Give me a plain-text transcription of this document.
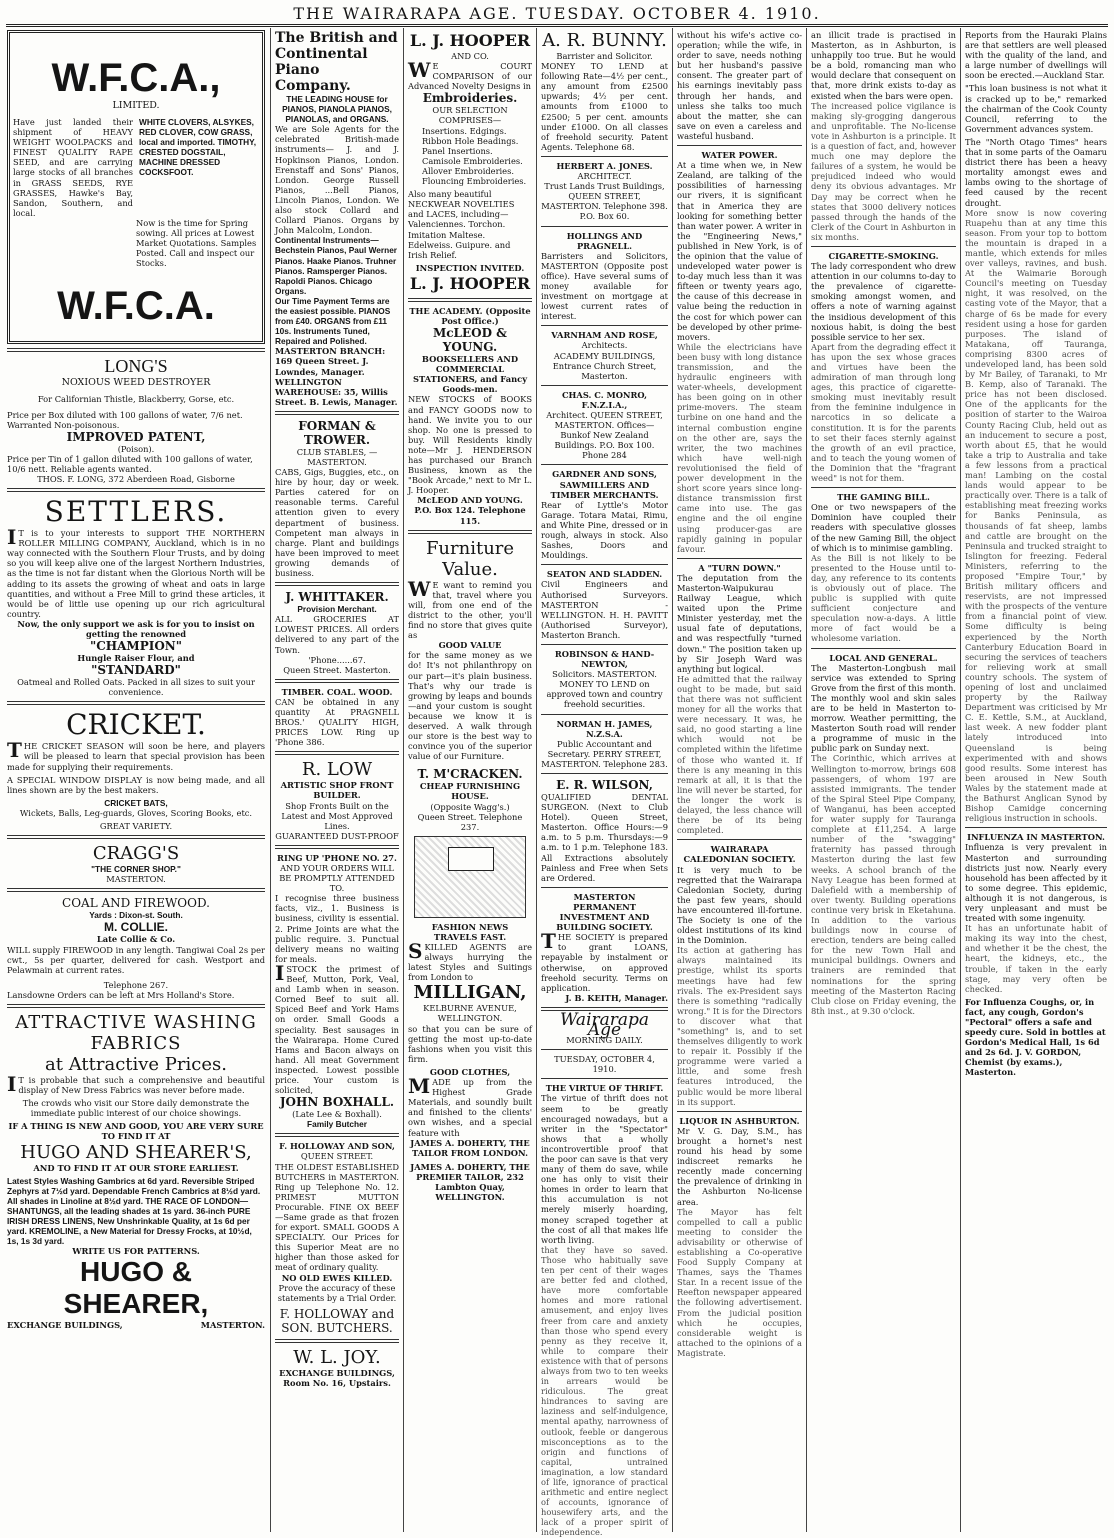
THE WAIRARAPA AGE. TUESDAY. OCTOBER 4. 1910.
W.F.C.A.,
LIMITED.
Have just landed their shipment of HEAVY WEIGHT WOOLPACKS and FINEST QUALITY RAPE SEED, and are carrying large stocks of all branches in GRASS SEEDS, RYE GRASSES, Hawke's Bay, Sandon, Southern, and local.
WHITE CLOVERS, ALSYKES, RED CLOVER, COW GRASS, local and imported. TIMOTHY, CRESTED DOGSTAIL, MACHINE DRESSED COCKSFOOT.
Now is the time for Spring sowing. All prices at Lowest Market Quotations. Samples Posted. Call and inspect our Stocks.
W.F.C.A.
LONG'S
NOXIOUS WEED DESTROYER
For Californian Thistle, Blackberry, Gorse, etc.
Price per Box diluted with 100 gallons of water, 7/6 net. Warranted Non-poisonous.
IMPROVED PATENT,
(Poison).
Price per Tin of 1 gallon diluted with 100 gallons of water, 10/6 nett. Reliable agents wanted.
THOS. F. LONG, 372 Aberdeen Road, Gisborne
SETTLERS.
IT is to your interests to support THE NORTHERN ROLLER MILLING COMPANY, Auckland, which is in no way connected with the Southern Flour Trusts, and by doing so you will keep alive one of the largest Northern Industries, as the time is not far distant when the Glorious North will be adding to its assets the growing of wheat and oats in large quantities, and without a Free Mill to grind these articles, it would be of little use opening up our rich agricultural country.
Now, the only support we ask is for you to insist on getting the renowned
"CHAMPION"
Hungle Raiser Flour, and
"STANDARD"
Oatmeal and Rolled Oats. Packed in all sizes to suit your convenience.
CRICKET.
THE CRICKET SEASON will soon be here, and players will be pleased to learn that special provision has been made for supplying their requirements.
A SPECIAL WINDOW DISPLAY is now being made, and all lines shown are by the best makers.
CRICKET BATS,
Wickets, Balls, Leg-guards, Gloves, Scoring Books, etc.
GREAT VARIETY.
CRAGG'S
"THE CORNER SHOP."
MASTERTON.
COAL AND FIREWOOD.
Yards : Dixon-st. South.
M. COLLIE.
Late Collie & Co.
WILL supply FIREWOOD in any length. Tangiwai Coal 2s per cwt., 5s per quarter, delivered for cash. Westport and Pelawmain at current rates.
Telephone 267.
Lansdowne Orders can be left at Mrs Holland's Store.
ATTRACTIVE WASHING FABRICS
at Attractive Prices.
IT is probable that such a comprehensive and beautiful display of New Dress Fabrics was never before made.
The crowds who visit our Store daily demonstrate the immediate public interest of our choice showings.
IF A THING IS NEW AND GOOD, YOU ARE VERY SURE TO FIND IT AT
HUGO AND SHEARER'S,
AND TO FIND IT AT OUR STORE EARLIEST.
Latest Styles Washing Gambrics at 6d yard. Reversible Striped Zephyrs at 7½d yard. Dependable French Cambrics at 8½d yard. All shades in Linoline at 8½d yard. THE RACE OF LONDON—SHANTUNGS, all the leading shades at 1s yard. 36-inch PURE IRISH DRESS LINENS, New Unshrinkable Quality, at 1s 6d per yard. KREMOLINE, a New Material for Dressy Frocks, at 10½d, 1s, 1s 3d yard.
WRITE US FOR PATTERNS.
HUGO & SHEARER,
EXCHANGE BUILDINGS,	MASTERTON.
The British and Continental Piano Company.
THE LEADING HOUSE for PIANOS, PIANOLA PIANOS, PIANOLAS, and ORGANS.
We are Sole Agents for the celebrated British-made instruments— J. and J. Hopkinson Pianos, London. Erenstaff and Sons' Pianos, London. George Russell Pianos, ...Bell Pianos, Lincoln Pianos, London. We also stock Collard and Collard Pianos. Organs by John Malcolm, London.
Continental Instruments— Bechstein Pianos, Paul Werner Pianos. Haake Pianos. Truhner Pianos. Ramsperger Pianos. Rapoldi Pianos. Chicago Organs.
Our Time Payment Terms are the easiest possible. PIANOS from £40. ORGANS from £11 10s. Instruments Tuned, Repaired and Polished.
MASTERTON BRANCH: 169 Queen Street. J. Lowndes, Manager. WELLINGTON WAREHOUSE: 35, Willis Street. B. Lewis, Manager.
FORMAN & TROWER.
CLUB STABLES, — MASTERTON.
CABS, Gigs, Buggies, etc., on hire by hour, day or week. Parties catered for on reasonable terms. Careful attention given to every department of business. Competent man always in charge. Plant and buildings have been improved to meet growing demands of business.
J. WHITTAKER.
Provision Merchant.
ALL GROCERIES AT LOWEST PRICES. All orders delivered to any part of the Town.
'Phone......67.
Queen Street. Masterton.
TIMBER. COAL. WOOD.
CAN be obtained in any quantity At PRAGNELL BROS.' QUALITY HIGH, PRICES LOW. Ring up 'Phone 386.
R. LOW
ARTISTIC SHOP FRONT BUILDER.
Shop Fronts Built on the Latest and Most Approved Lines.
GUARANTEED DUST-PROOF
RING UP 'PHONE NO. 27.
AND YOUR ORDERS WILL BE PROMPTLY ATTENDED TO.
I recognise three business facts, viz., 1. Business is business, civility is essential. 2. Prime Joints are what the public require. 3. Punctual delivery means no waiting for meals.
ISTOCK the primest of Beef, Mutton, Pork, Veal, and Lamb when in season. Corned Beef to suit all. Spiced Beef and York Hams on order. Small Goods a speciality. Best sausages in the Wairarapa. Home Cured Hams and Bacon always on hand. All meat Government inspected. Lowest possible price. Your custom is solicited,
JOHN BOXHALL.
(Late Lee & Boxhall).
Family Butcher
F. HOLLOWAY AND SON,
QUEEN STREET.
THE OLDEST ESTABLISHED BUTCHERS in MASTERTON. Ring up Telephone No. 12. PRIMEST MUTTON Procurable. FINE OX BEEF—Same grade as that frozen for export. SMALL GOODS A SPECIALTY. Our Prices for this Superior Meat are no higher than those asked for meat of ordinary quality.
NO OLD EWES KILLED.
Prove the accuracy of these statements by a Trial Order.
F. HOLLOWAY and SON. BUTCHERS.
W. L. JOY.
EXCHANGE BUILDINGS, Room No. 16, Upstairs.
L. J. HOOPER
AND CO.
WE COURT COMPARISON of our Advanced Novelty Designs in
Embroideries.
OUR SELECTION COMPRISES—
Insertions. Edgings. Ribbon Hole Beadings. Panel Insertions. Camisole Embroideries. Allover Embroideries. Flouncing Embroideries.
Also many beautiful NECKWEAR NOVELTIES and LACES, including— Valenciennes. Torchon. Imitation Maltese. Edelweiss. Guipure. and Irish Relief.
INSPECTION INVITED.
L. J. HOOPER
THE ACADEMY. (Opposite Post Office.)
McLEOD & YOUNG.
BOOKSELLERS AND COMMERCIAL STATIONERS, and Fancy Goods-men.
NEW STOCKS of BOOKS and FANCY GOODS now to hand. We invite you to our shop. No one is pressed to buy. Will Residents kindly note—Mr J. HENDERSON has purchased our Branch Business, known as the "Book Arcade," next to Mr L. J. Hooper.
McLEOD AND YOUNG. P.O. Box 124. Telephone 115.
Furniture Value.
WE want to remind you that, travel where you will, from one end of the district to the other, you'll find no store that gives quite as
GOOD VALUE
for the same money as we do! It's not philanthropy on our part—it's plain business. That's why our trade is growing by leaps and bounds—and your custom is sought because we know it is deserved. A walk through our store is the best way to convince you of the superior value of our Furniture.
T. M'CRACKEN.
CHEAP FURNISHING HOUSE.
(Opposite Wagg's.)
Queen Street. Telephone 237.
FASHION NEWS
TRAVELS FAST.
SKILLED AGENTS are always hurrying the latest Styles and Suitings from London to
MILLIGAN,
KELBURNE AVENUE, WELLINGTON.
so that you can be sure of getting the most up-to-date fashions when you visit this firm.
GOOD CLOTHES,
MADE up from the Highest Grade Materials, and soundly built and finished to the clients' own wishes, and a special feature with
JAMES A. DOHERTY, THE TAILOR FROM LONDON.
JAMES A. DOHERTY, THE PREMIER TAILOR, 232 Lambton Quay, WELLINGTON.
A. R. BUNNY.
Barrister and Solicitor.
MONEY TO LEND at following Rate—4½ per cent., any amount from £2500 upwards; 4½ per cent. amounts from £1000 to £2500; 5 per cent. amounts under £1000. On all classes of freehold security. Patent Agents. Telephone 68.
HERBERT A. JONES.
ARCHITECT.
Trust Lands Trust Buildings, QUEEN STREET, MASTERTON. Telephone 398. P.O. Box 60.
HOLLINGS AND PRAGNELL.
Barristers and Solicitors, MASTERTON (Opposite post office). Have several sums of money available for investment on mortgage at lowest current rates of interest.
VARNHAM AND ROSE,
Architects.
ACADEMY BUILDINGS, Entrance Church Street, Masterton.
CHAS. C. MONRO, F.N.Z.I.A.,
Architect. QUEEN STREET, MASTERTON. Offices—Bunkof New Zealand Buildings. P.O. Box 100. Phone 284
GARDNER AND SONS,
SAWMILLERS AND TIMBER MERCHANTS.
Rear of Lyttle's Motor Garage. Totara Matai, Rimu, and White Pine, dressed or in rough, always in stock. Also Sashes, Doors and Mouldings.
SEATON AND SLADDEN.
Civil Engineers and Authorised Surveyors. MASTERTON - WELLINGTON. H. H. PAVITT (Authorised Surveyor), Masterton Branch.
ROBINSON & HAND-NEWTON,
Solicitors. MASTERTON. MONEY TO LEND on approved town and country freehold securities.
NORMAN H. JAMES, N.Z.S.A.
Public Accountant and Secretary. PERRY STREET, MASTERTON. Telephone 283.
E. R. WILSON,
QUALIFIED DENTAL SURGEON. (Next to Club Hotel). Queen Street, Masterton. Office Hours:—9 a.m. to 5 p.m. Thursdays:—9 a.m. to 1 p.m. Telephone 183. All Extractions absolutely Painless and Free when Sets are Ordered.
MASTERTON PERMANENT INVESTMENT AND BUILDING SOCIETY.
THE SOCIETY is prepared to grant LOANS, repayable by instalment or otherwise, on approved freehold security. Terms on application.
J. B. KEITH, Manager.
Wairarapa Age
MORNING DAILY.
TUESDAY, OCTOBER 4, 1910.
THE VIRTUE OF THRIFT.
The virtue of thrift does not seem to be greatly encouraged nowadays, but a writer in the "Spectator" shows that a wholly incontrovertible proof that the poor can save is that very many of them do save, while one has only to visit their homes in order to learn that this accumulation is not merely miserly hoarding, money scraped together at the cost of all that makes life worth living.
that they have so saved. Those who habitually save ten per cent of their wages are better fed and clothed, have more comfortable homes and more rational amusement, and enjoy lives freer from care and anxiety than those who spend every penny as they receive it, while to compare their existence with that of persons always from two to ten weeks in arrears would be ridiculous. The great hindrances to saving are laziness and self-indulgence, mental apathy, narrowness of outlook, feeble or dangerous misconceptions as to the origin and functions of capital, untrained imagination, a low standard of life, ignorance of practical arithmetic and entire neglect of accounts, ignorance of housewifery arts, and the lack of a proper spirit of independence.
without his wife's active co-operation; while the wife, in order to save, needs nothing but her husband's passive consent. The greater part of his earnings inevitably pass through her hands, and unless she talks too much about the matter, she can save on even a careless and wasteful husband.
WATER POWER.
At a time when we, in New Zealand, are talking of the possibilities of harnessing our rivers, it is significant that in America they are looking for something better than water power. A writer in the "Engineering News," published in New York, is of the opinion that the value of undeveloped water power is to-day much less than it was fifteen or twenty years ago, the cause of this decrease in value being the reduction in the cost for which power can be developed by other prime-movers.
While the electricians have been busy with long distance transmission, and the hydraulic engineers with water-wheels, development has been going on in other prime-movers. The steam turbine on one hand and the internal combustion engine on the other are, says the writer, the two machines which have well-nigh revolutionised the field of power development in the short score years since long-distance transmission first came into use. The gas engine and the oil engine using producer-gas are rapidly gaining in popular favour.
A "TURN DOWN."
The deputation from the Masterton-Waipukurau Railway League, which waited upon the Prime Minister yesterday, met the usual fate of deputations, and was respectfully "turned down." The position taken up by Sir Joseph Ward was anything but logical.
He admitted that the railway ought to be made, but said that there was not sufficient money for all the works that were necessary. It was, he said, no good starting a line which would not be completed within the lifetime of those who wanted it. If there is any meaning in this remark at all, it is that the line will never be started, for the longer the work is delayed, the less chance will there be of its being completed.
WAIRARAPA CALEDONIAN SOCIETY.
It is very much to be regretted that the Wairarapa Caledonian Society, during the past few years, should have encountered ill-fortune. The Society is one of the oldest institutions of its kind in the Dominion.
Its action at gathering has always maintained its prestige, whilst its sports meetings have had few rivals. The ex-President says there is something "radically wrong." It is for the Directors to discover what that "something" is, and to set themselves diligently to work to repair it. Possibly if the programme were varied a little, and some fresh features introduced, the public would be more liberal in its support.
LIQUOR IN ASHBURTON.
Mr V. G. Day, S.M., has brought a hornet's nest round his head by some indiscreet remarks he recently made concerning the prevalence of drinking in the Ashburton No-license area.
The Mayor has felt compelled to call a public meeting to consider the advisability or otherwise of establishing a Co-operative Food Supply Company at Thames, says the Thames Star. In a recent issue of the Reefton newspaper appeared the following advertisement. From the judicial position which he occupies, considerable weight is attached to the opinions of a Magistrate.
an illicit trade is practised in Masterton, as in Ashburton, is unhappily too true. But he would be a bold, romancing man who would declare that consequent on that, more drink exists to-day as existed when the bars were open.
The increased police vigilance is making sly-grogging dangerous and unprofitable. The No-license vote in Ashburton is a principle. It is a question of fact, and, however much one may deplore the failures of a system, he would be prejudiced indeed who would deny its obvious advantages. Mr Day may be correct when he states that 3000 delivery notices passed through the hands of the Clerk of the Court in Ashburton in six months.
CIGARETTE-SMOKING.
The lady correspondent who drew attention in our columns to-day to the prevalence of cigarette-smoking amongst women, and offers a note of warning against the insidious development of this noxious habit, is doing the best possible service to her sex.
Apart from the degrading effect it has upon the sex whose graces and virtues have been the admiration of man through long ages, this practice of cigarette-smoking must inevitably result from the feminine indulgence in narcotics in so delicate a constitution. It is for the parents to set their faces sternly against the growth of an evil practice, and to teach the young women of the Dominion that the "fragrant weed" is not for them.
THE GAMING BILL.
One or two newspapers of the Dominion have coupled their readers with speculative glosses of the new Gaming Bill, the object of which is to minimise gambling.
As the Bill is not likely to be presented to the House until to-day, any reference to its contents is obviously out of place. The public is supplied with quite sufficient conjecture and speculation now-a-days. A little more of fact would be a wholesome variation.
LOCAL AND GENERAL.
The Masterton-Longbush mail service was extended to Spring Grove from the first of this month. The monthly wool and skin sales are to be held in Masterton to-morrow. Weather permitting, the Masterton South road will render a programme of music in the public park on Sunday next.
The Corinthic, which arrives at Wellington to-morrow, brings 608 passengers, of whom 197 are assisted immigrants. The tender of the Spiral Steel Pipe Company, of Wanganui, has been accepted for water supply for Tauranga complete at £11,254. A large number of the "swagging" fraternity has passed through Masterton during the last few weeks. A school branch of the Navy League has been formed at Dalefield with a membership of over twenty. Building operations continue very brisk in Eketahuna. In addition to the various buildings now in course of erection, tenders are being called for the new Town Hall and municipal buildings. Owners and trainers are reminded that nominations for the spring meeting of the Masterton Racing Club close on Friday evening, the 8th inst., at 9.30 o'clock.
Reports from the Hauraki Plains are that settlers are well pleased with the quality of the land, and a large number of dwellings will soon be erected.—Auckland Star.
"This loan business is not what it is cracked up to be," remarked the chairman of the Cook County Council, referring to the Government advances system.
The "North Otago Times" hears that in some parts of the Oamaru district there has been a heavy mortality amongst ewes and lambs owing to the shortage of feed caused by the recent drought.
More snow is now covering Ruapehu than at any time this season. From your top to bottom the mountain is draped in a mantle, which extends for miles over valleys, ravines, and bush. At the Waimarie Borough Council's meeting on Tuesday night, it was resolved, on the casting vote of the Mayor, that a charge of 6s be made for every resident using a hose for garden purposes. The island of Matakana, off Tauranga, comprising 8300 acres of undeveloped land, has been sold by Mr Bailey, of Taranaki, to Mr B. Kemp, also of Taranaki. The price has not been disclosed. One of the applicants for the position of starter to the Wairoa County Racing Club, held out as an inducement to secure a post, worth about £5, that he would take a trip to Australia and take a few lessons from a practical man! Lambing on the costal lands would appear to be practically over. There is a talk of establishing meat freezing works for Banks Peninsula, as thousands of fat sheep, lambs and cattle are brought on the Peninsula and trucked straight to Islington for freezing. Federal Ministers, referring to the proposed "Empire Tour," by British military officers and reservists, are not impressed with the prospects of the venture from a financial point of view. Some difficulty is being experienced by the North Canterbury Education Board in securing the services of teachers for relieving work at small country schools. The system of opening of lost and unclaimed property by the Railway Department was criticised by Mr C. E. Kettle, S.M., at Auckland, last week. A new fodder plant lately introduced into Queensland is being experimented with and shows good results. Some interest has been aroused in New South Wales by the statement made at the Bathurst Anglican Synod by Bishop Camidge concerning religious instruction in schools.
INFLUENZA IN MASTERTON.
Influenza is very prevalent in Masterton and surrounding districts just now. Nearly every household has been affected by it to some degree. This epidemic, although it is not dangerous, is very unpleasant and must be treated with some ingenuity.
It has an unfortunate habit of making its way into the chest, and whether it be the chest, the heart, the kidneys, etc., the trouble, if taken in the early stage, may very often be checked.
For Influenza Coughs, or, in fact, any cough, Gordon's "Pectoral" offers a safe and speedy cure. Sold in bottles at Gordon's Medical Hall, 1s 6d and 2s 6d. J. V. GORDON, Chemist (by exams.), Masterton.
